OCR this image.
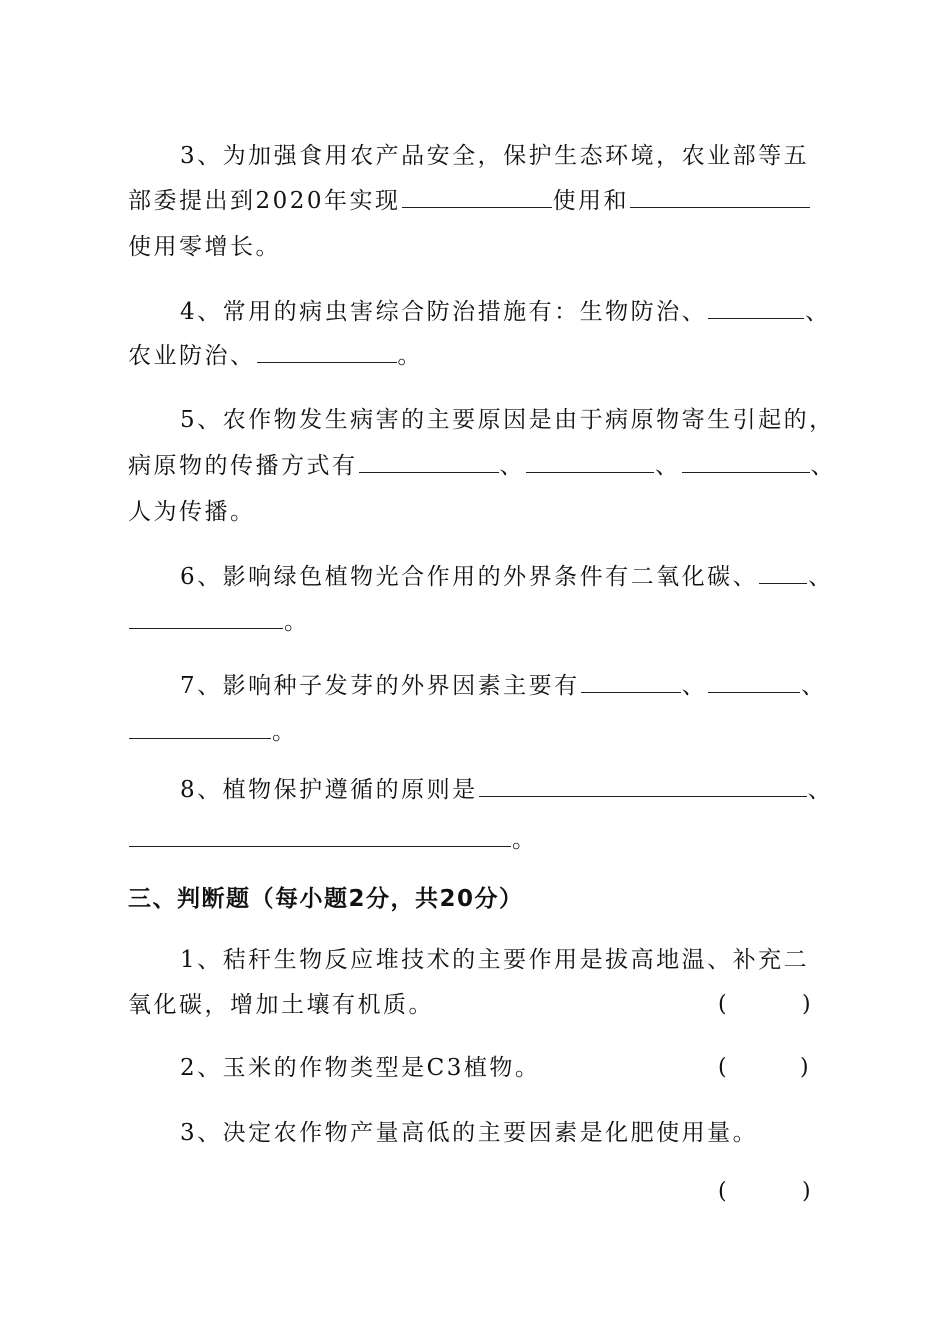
3、为加强食用农产品安全，保护生态环境，农业部等五
部委提出到2020年实现	使用和
使用零增长。
4、常用的病虫害综合防治措施有：生物防治、	、
农业防治、	。
5、农作物发生病害的主要原因是由于病原物寄生引起的，
病原物的传播方式有	、	、	、
人为传播。
6、影响绿色植物光合作用的外界条件有二氧化碳、 、
。
7、影响种子发芽的外界因素主要有	、	、
。
8、植物保护遵循的原则是	、
。
三、判断题（每小题2分，共20分）
1、秸秆生物反应堆技术的主要作用是拔高地温、补充二
氧化碳，增加土壤有机质。	(	)
2、玉米的作物类型是C3植物。	(	)
3、决定农作物产量高低的主要因素是化肥使用量。
(	)
